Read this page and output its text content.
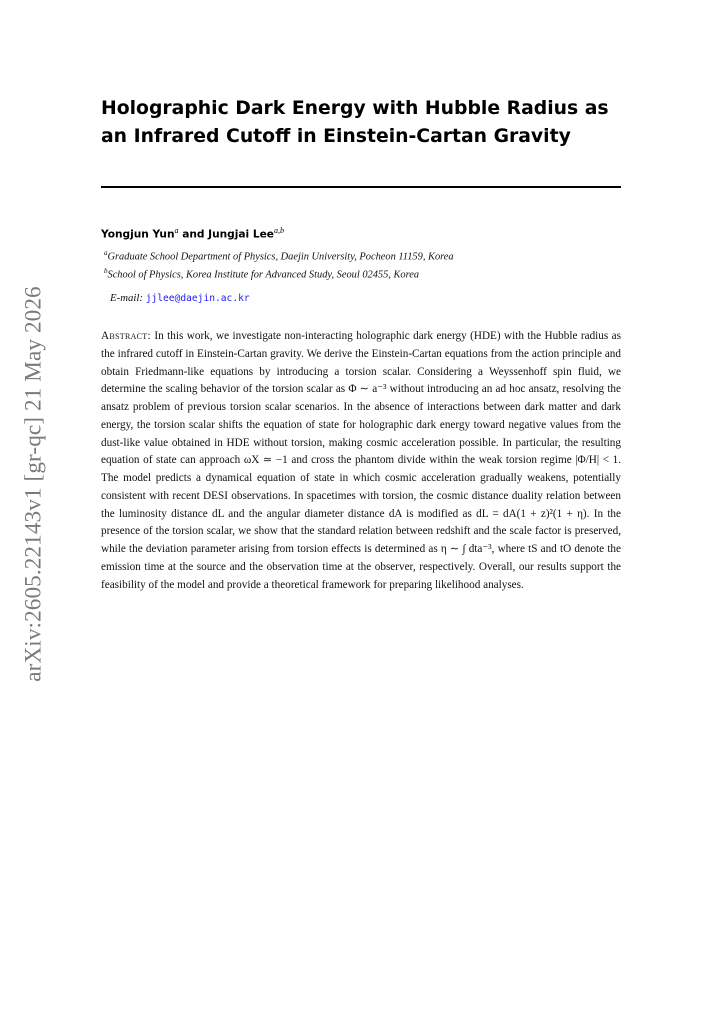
arXiv:2605.22143v1 [gr-qc] 21 May 2026
Holographic Dark Energy with Hubble Radius as an Infrared Cutoff in Einstein-Cartan Gravity
Yongjun Yun$^a$ and Jungjai Lee$^{a,b}$
$^a$Graduate School Department of Physics, Daejin University, Pocheon 11159, Korea
$^b$School of Physics, Korea Institute for Advanced Study, Seoul 02455, Korea
E-mail: jjlee@daejin.ac.kr

Abstract: In this work, we investigate non-interacting holographic dark energy (HDE) with the Hubble radius as the infrared cutoff in Einstein-Cartan gravity. We derive the Einstein-Cartan equations from the action principle and obtain Friedmann-like equations by introducing a torsion scalar. Considering a Weyssenhoff spin fluid, we determine the scaling behavior of the torsion scalar as Φ ∼ a⁻³ without introducing an ad hoc ansatz, resolving the ansatz problem of previous torsion scalar scenarios. In the absence of interactions between dark matter and dark energy, the torsion scalar shifts the equation of state for holographic dark energy toward negative values from the dust-like value obtained in HDE without torsion, making cosmic acceleration possible. In particular, the resulting equation of state can approach ωX ≃ −1 and cross the phantom divide within the weak torsion regime |Φ/H| < 1. The model predicts a dynamical equation of state in which cosmic acceleration gradually weakens, potentially consistent with recent DESI observations. In spacetimes with torsion, the cosmic distance duality relation between the luminosity distance dL and the angular diameter distance dA is modified as dL = dA(1 + z)²(1 + η). In the presence of the torsion scalar, we show that the standard relation between redshift and the scale factor is preserved, while the deviation parameter arising from torsion effects is determined as η ∼ ∫ dta⁻³, where tS and tO denote the emission time at the source and the observation time at the observer, respectively. Overall, our results support the feasibility of the model and provide a theoretical framework for preparing likelihood analyses.
